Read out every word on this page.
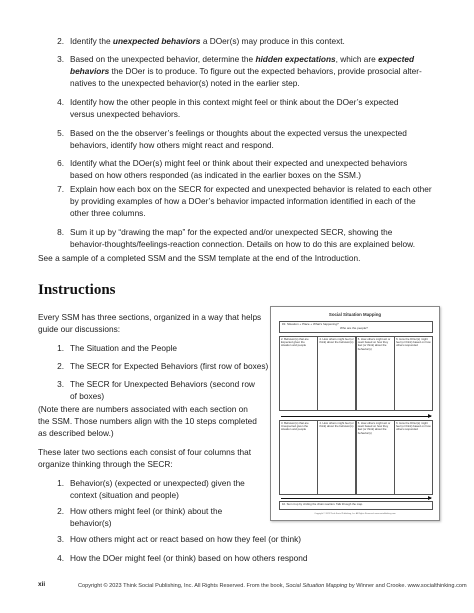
2. Identify the unexpected behaviors a DOer(s) may produce in this context.
3. Based on the unexpected behavior, determine the hidden expectations, which are expected
behaviors the DOer is to produce. To figure out the expected behaviors, provide prosocial alter-
natives to the unexpected behavior(s) noted in the earlier step.
4. Identify how the other people in this context might feel or think about the DOer’s expected
versus unexpected behaviors.
5. Based on the the observer’s feelings or thoughts about the expected versus the unexpected
behaviors, identify how others might react and respond.
6. Identify what the DOer(s) might feel or think about their expected and unexpected behaviors
based on how others responded (as indicated in the earlier boxes on the SSM.)
7. Explain how each box on the SECR for expected and unexpected behavior is related to each other
by providing examples of how a DOer’s behavior impacted information identified in each of the
other three columns.
8. Sum it up by “drawing the map” for the expected and/or unexpected SECR, showing the
behavior-thoughts/feelings-reaction connection. Details on how to do this are explained below.
See a sample of a completed SSM and the SSM template at the end of the Introduction.
Instructions
Every SSM has three sections, organized in a way that helps
guide our discussions:
1. The Situation and the People
2. The SECR for Expected Behaviors (first row of boxes)
3. The SECR for Unexpected Behaviors (second row
of boxes)
(Note there are numbers associated with each section on
the SSM. Those numbers align with the 10 steps completed
as described below.)
These later two sections each consist of four columns that
organize thinking through the SECR:
1. Behavior(s) (expected or unexpected) given the
context (situation and people)
2. How others might feel (or think) about the
behavior(s)
3. How others might act or react based on how they feel (or think)
4. How the DOer might feel (or think) based on how others respond
Social Situation Mapping
#1: Situation + Place + What’s happening?
Who are the people?
2. Behavior(s) that are Expected given the situation and people
4. How others might feel (or think) about the behavior(s)
5. How others might act or react based on how they feel (or think) about the behavior(s)
6. How the DOer(s) might feel (or think) based on how others responded
3. Behavior(s) that are Unexpected given the situation and people
4. How others might feel (or think) about the behavior(s)
5. How others might act or react based on how they feel (or think) about the behavior(s)
6. How the DOer(s) might feel (or think) based on how others responded
10. Sum it up by circling the chain reaction. Talk through the map.
Copyright © 2023 Think Social Publishing, Inc. All Rights Reserved. www.socialthinking.com
xii	Copyright © 2023 Think Social Publishing, Inc. All Rights Reserved. From the book, Social Situation Mapping by Winner and Crooke. www.socialthinking.com
